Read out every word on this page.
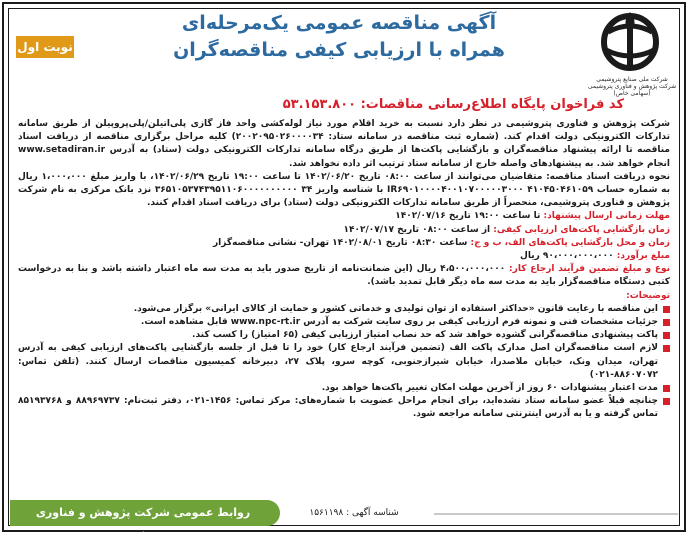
نوبت اول
آگهی مناقصه عمومی یک‌مرحله‌ای
همراه با ارزیابی کیفی مناقصه‌گران
شرکت ملی صنایع پتروشیمی
شرکت پژوهش و فناوری پتروشیمی (سهامی خاص)
کد فراخوان پایگاه اطلاع‌رسانی مناقصات: ۵۳.۱۵۳.۸۰۰

شرکت پژوهش و فناوری پتروشیمی در نظر دارد نسبت به خرید اقلام مورد نیاز لوله‌کشی واحد فاز گازی پلی‌اتیلن/پلی‌پروپیلن از طریق سامانه تدارکات الکترونیکی دولت اقدام کند. (شماره ثبت مناقصه در سامانه ستاد: ۲۰۰۲۰۹۵۰۲۶۰۰۰۰۳۴) کلیه مراحل برگزاری مناقصه از دریافت اسناد مناقصه تا ارائه پیشنهاد مناقصه‌گران و بازگشایی پاکت‌ها از طریق درگاه سامانه تدارکات الکترونیکی دولت (ستاد) به آدرس www.setadiran.ir انجام خواهد شد. به پیشنهادهای واصله خارج از سامانه ستاد ترتیب اثر داده نخواهد شد.

نحوه دریافت اسناد مناقصه: متقاضیان می‌توانند از ساعت ۰۸:۰۰ تاریخ ۱۴۰۲/۰۶/۲۰ تا ساعت ۱۹:۰۰ تاریخ ۱۴۰۲/۰۶/۲۹، با واریز مبلغ ۱،۰۰۰،۰۰۰ ریال به شماره حساب ۴۱۰۴۵۰۴۶۱۰۵۹ IR۶۹۰۱۰۰۰۰۴۰۰۱۰۷۰۰۰۰۰۳۰۰۰ با شناسه واریز ۳۴ ۳۶۵۱۰۵۳۷۴۳۹۵۱۱۰۶۰۰۰۰۰۰۰۰۰۰ نزد بانک مرکزی به نام شرکت پژوهش و فناوری پتروشیمی، منحصراً از طریق سامانه تدارکات الکترونیکی دولت (ستاد) برای دریافت اسناد اقدام کنند.

مهلت زمانی ارسال پیشنهاد: تا ساعت ۱۹:۰۰ تاریخ ۱۴۰۲/۰۷/۱۶

زمان بازگشایی پاکت‌های ارزیابی کیفی: از ساعت ۰۸:۰۰ تاریخ ۱۴۰۲/۰۷/۱۷

زمان و محل بازگشایی پاکت‌های الف، ب و ج: ساعت ۰۸:۳۰ تاریخ ۱۴۰۲/۰۸/۰۱ تهران- نشانی مناقصه‌گزار

مبلغ برآورد: ۹۰،۰۰۰،۰۰۰،۰۰۰ ریال

نوع و مبلغ تضمین فرآیند ارجاع کار: ۴،۵۰۰،۰۰۰،۰۰۰ ریال (این ضمانت‌نامه از تاریخ صدور باید به مدت سه ماه اعتبار داشته باشد و بنا به درخواست کتبی دستگاه مناقصه‌گزار باید به مدت سه ماه دیگر قابل تمدید باشد).

توضیحات:

این مناقصه با رعایت قانون «حداکثر استفاده از توان تولیدی و خدماتی کشور و حمایت از کالای ایرانی» برگزار می‌شود.
جزئیات مشخصات فنی و نمونه فرم ارزیابی کیفی بر روی سایت شرکت به آدرس www.npc-rt.ir قابل مشاهده است.
پاکت پیشنهادی مناقصه‌گرانی گشوده خواهد شد که حد نصاب امتیاز ارزیابی کیفی (۶۵ امتیاز) را کسب کند.
لازم است مناقصه‌گران اصل مدارک پاکت الف (تضمین فرآیند ارجاع کار) خود را تا قبل از جلسه بازگشایی پاکت‌های ارزیابی کیفی به آدرس تهران، میدان ونک، خیابان ملاصدرا، خیابان شیرازجنوبی، کوچه سرو، پلاک ۲۷، دبیرخانه کمیسیون مناقصات ارسال کنند. (تلفن تماس: ۸۸۶۰۷۰۷۲-۰۲۱)
مدت اعتبار پیشنهادات ۶۰ روز از آخرین مهلت امکان تغییر پاکت‌ها خواهد بود.
چنانچه قبلاً عضو سامانه ستاد نشده‌اید، برای انجام مراحل عضویت با شماره‌های: مرکز تماس: ۱۴۵۶-۰۲۱، دفتر ثبت‌نام: ۸۸۹۶۹۷۳۷ و ۸۵۱۹۳۷۶۸ تماس گرفته و یا به آدرس اینترنتی سامانه مراجعه شود.
روابط عمومی شرکت پژوهش و فناوری پتروشیمی
شناسه آگهی : ۱۵۶۱۱۹۸
